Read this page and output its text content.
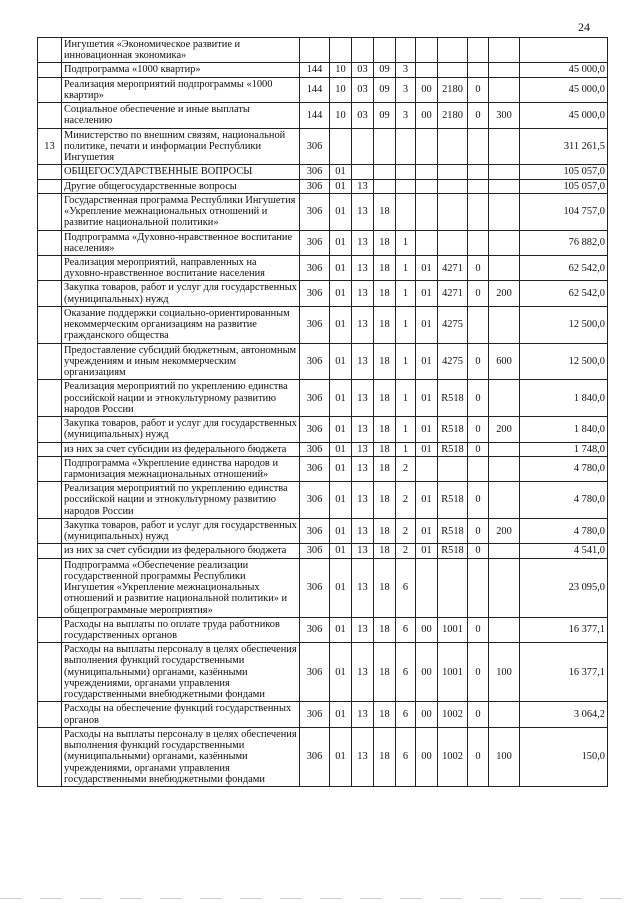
24
	Ингушетия «Экономическое развитие и инновационная экономика»										
	Подпрограмма «1000 квартир»	144	10	03	09	3					45 000,0
	Реализация мероприятий подпрограммы «1000 квартир»	144	10	03	09	3	00	2180	0		45 000,0
	Социальное обеспечение и иные выплаты населению	144	10	03	09	3	00	2180	0	300	45 000,0
13	Министерство по внешним связям, национальной политике, печати и информации Республики Ингушетия	306									311 261,5
	ОБЩЕГОСУДАРСТВЕННЫЕ ВОПРОСЫ	306	01								105 057,0
	Другие общегосударственные вопросы	306	01	13							105 057,0
	Государственная программа Республики Ингушетия «Укрепление межнациональных отношений и развитие национальной политики»	306	01	13	18						104 757,0
	Подпрограмма «Духовно-нравственное воспитание населения»	306	01	13	18	1					76 882,0
	Реализация мероприятий, направленных на духовно-нравственное воспитание населения	306	01	13	18	1	01	4271	0		62 542,0
	Закупка товаров, работ и услуг для государственных (муниципальных) нужд	306	01	13	18	1	01	4271	0	200	62 542,0
	Оказание поддержки социально-ориентированным некоммерческим организациям на развитие гражданского общества	306	01	13	18	1	01	4275			12 500,0
	Предоставление субсидий бюджетным, автономным учреждениям и иным некоммерческим организациям	306	01	13	18	1	01	4275	0	600	12 500,0
	Реализация мероприятий по укреплению единства российской нации и этнокультурному развитию народов России	306	01	13	18	1	01	R518	0		1 840,0
	Закупка товаров, работ и услуг для государственных (муниципальных) нужд	306	01	13	18	1	01	R518	0	200	1 840,0
	из них за счет субсидии из федерального бюджета	306	01	13	18	1	01	R518	0		1 748,0
	Подпрограмма «Укрепление единства народов и гармонизация межнациональных отношений»	306	01	13	18	2					4 780,0
	Реализация мероприятий по укреплению единства российской нации и этнокультурному развитию народов России	306	01	13	18	2	01	R518	0		4 780,0
	Закупка товаров, работ и услуг для государственных (муниципальных) нужд	306	01	13	18	2	01	R518	0	200	4 780,0
	из них за счет субсидии из федерального бюджета	306	01	13	18	2	01	R518	0		4 541,0
	Подпрограмма «Обеспечение реализации государственной программы Республики Ингушетия «Укрепление межнациональных отношений и развитие национальной политики» и общепрограммные мероприятия»	306	01	13	18	6					23 095,0
	Расходы на выплаты по оплате труда работников государственных органов	306	01	13	18	6	00	1001	0		16 377,1
	Расходы на выплаты персоналу в целях обеспечения выполнения функций государственными (муниципальными) органами, казёнными учреждениями, органами управления государственными внебюджетными фондами	306	01	13	18	6	00	1001	0	100	16 377,1
	Расходы на обеспечение функций государственных органов	306	01	13	18	6	00	1002	0		3 064,2
	Расходы на выплаты персоналу в целях обеспечения выполнения функций государственными (муниципальными) органами, казёнными учреждениями, органами управления государственными внебюджетными фондами	306	01	13	18	6	00	1002	0	100	150,0
